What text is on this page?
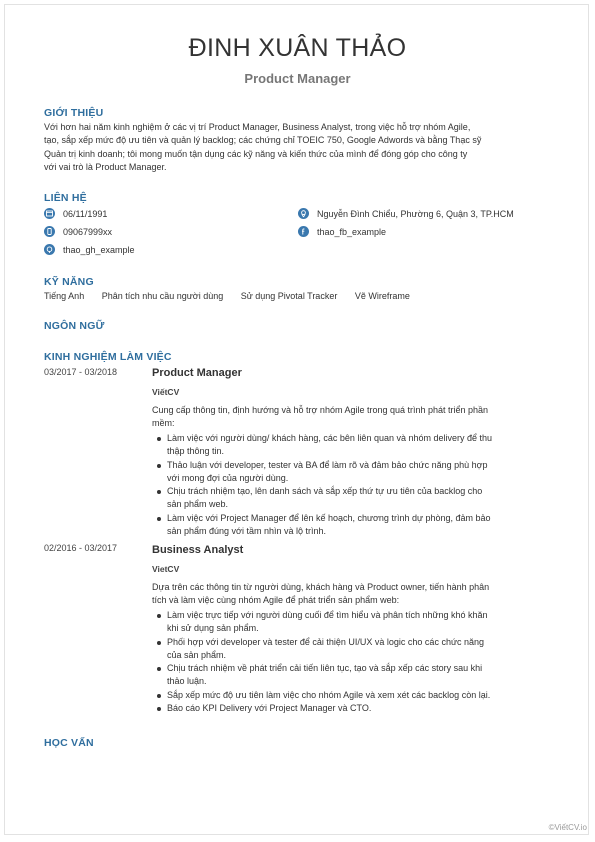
ĐINH XUÂN THẢO
Product Manager
GIỚI THIỆU
Với hơn hai năm kinh nghiệm ở các vị trí Product Manager, Business Analyst, trong việc hỗ trợ nhóm Agile,
tạo, sắp xếp mức độ ưu tiên và quản lý backlog; các chứng chỉ TOEIC 750, Google Adwords và bằng Thạc sỹ
Quản trị kinh doanh; tôi mong muốn tận dụng các kỹ năng và kiến thức của mình để đóng góp cho công ty
với vai trò là Product Manager.
LIÊN HỆ
06/11/1991	Nguyễn Đình Chiểu, Phường 6, Quận 3, TP.HCM
09067999xx	thao_fb_example
thao_gh_example
KỸ NĂNG
Tiếng Anh Phân tích nhu cầu người dùng Sử dụng Pivotal Tracker Vẽ Wireframe
NGÔN NGỮ
KINH NGHIỆM LÀM VIỆC
03/2017 - 03/2018	Product Manager
ViếtCV
Cung cấp thông tin, định hướng và hỗ trợ nhóm Agile trong quá trình phát triển phần
mềm:
Làm việc với người dùng/ khách hàng, các bên liên quan và nhóm delivery để thu
thập thông tin.
Thảo luận với developer, tester và BA để làm rõ và đảm bảo chức năng phù hợp
với mong đợi của người dùng.
Chịu trách nhiệm tạo, lên danh sách và sắp xếp thứ tự ưu tiên của backlog cho
sản phẩm web.
Làm việc với Project Manager để lên kế hoạch, chương trình dự phòng, đảm bảo
sản phẩm đúng với tầm nhìn và lộ trình.
02/2016 - 03/2017	Business Analyst
VietCV
Dựa trên các thông tin từ người dùng, khách hàng và Product owner, tiến hành phân
tích và làm việc cùng nhóm Agile để phát triển sản phẩm web:
Làm việc trực tiếp với người dùng cuối để tìm hiểu và phân tích những khó khăn
khi sử dụng sản phẩm.
Phối hợp với developer và tester để cải thiện UI/UX và logic cho các chức năng
của sản phẩm.
Chịu trách nhiệm về phát triển cải tiến liên tục, tạo và sắp xếp các story sau khi
thảo luận.
Sắp xếp mức độ ưu tiên làm việc cho nhóm Agile và xem xét các backlog còn lại.
Báo cáo KPI Delivery với Project Manager và CTO.
HỌC VẤN
©ViếtCV.io
